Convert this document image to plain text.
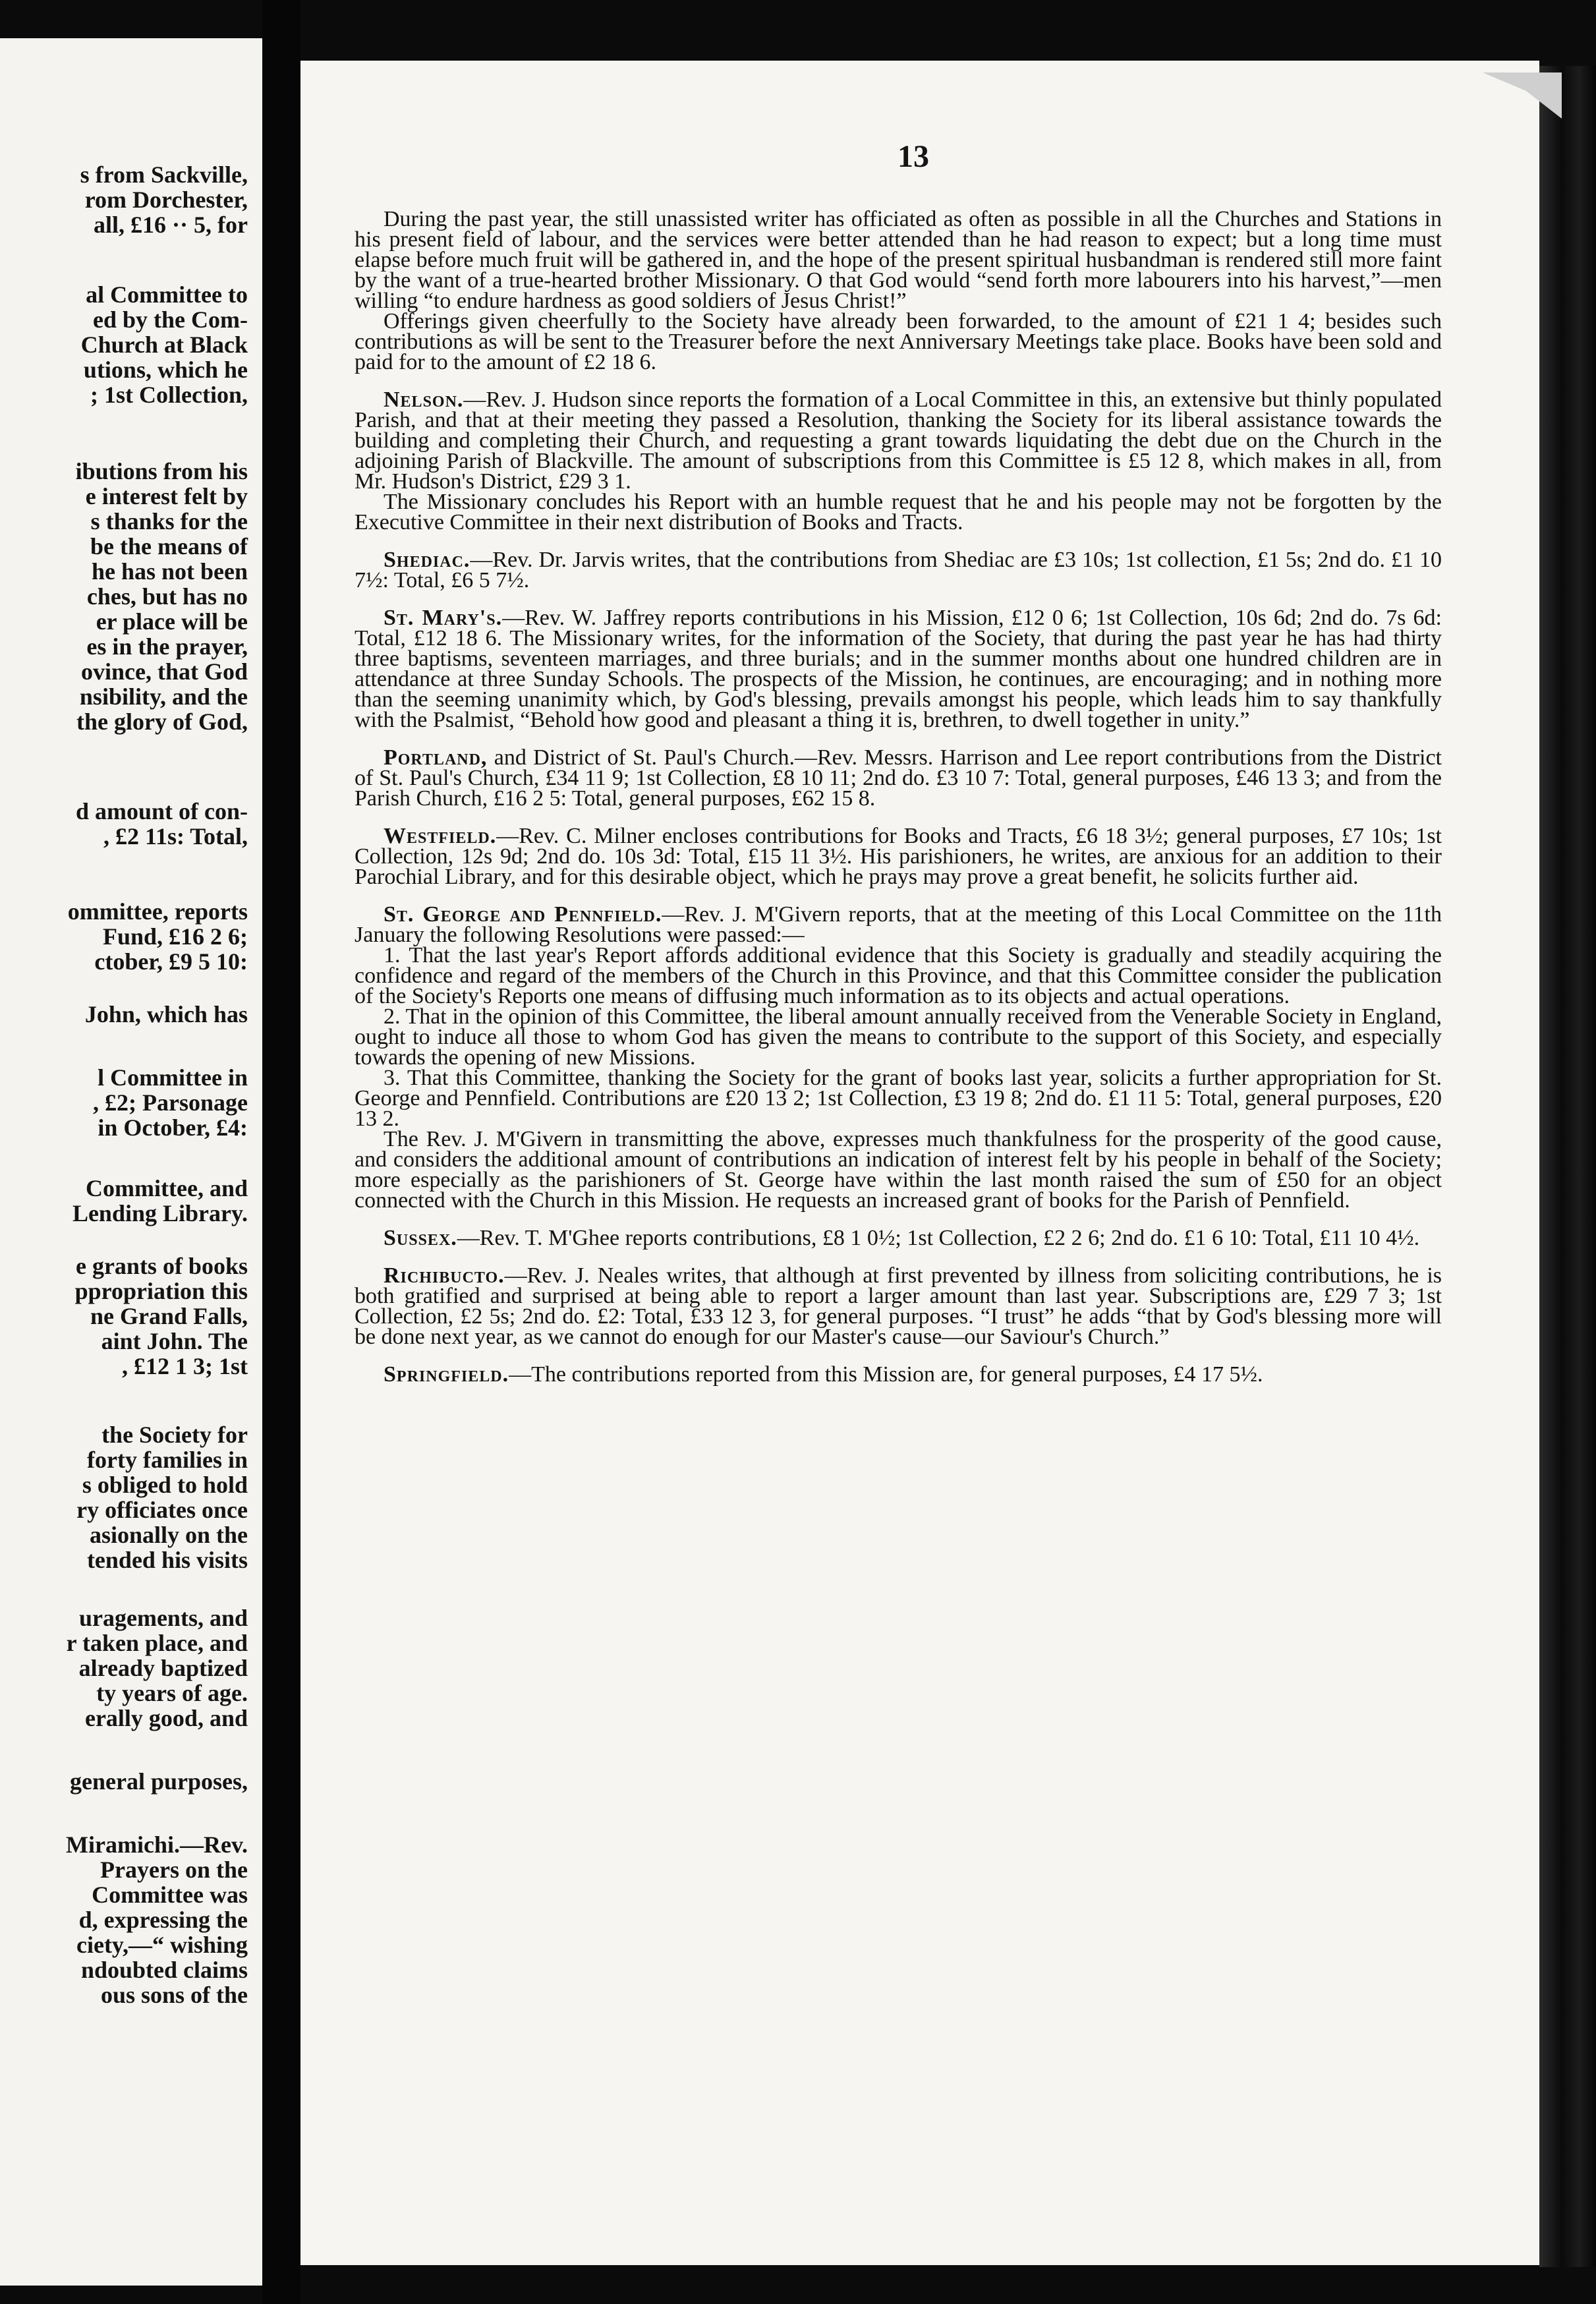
s from Sackville,
rom Dorchester,
all, £16 ·· 5, for
al Committee to
ed by the Com-
Church at Black
utions, which he
; 1st Collection,
ibutions from his
e interest felt by
s thanks for the
be the means of
he has not been
ches, but has no
er place will be
es in the prayer,
ovince, that God
nsibility, and the
the glory of God,
d amount of con-
, £2 11s: Total,
ommittee, reports
Fund, £16 2 6;
ctober, £9 5 10:
John, which has
l Committee in
, £2; Parsonage
in October, £4:
Committee, and
Lending Library.
e grants of books
ppropriation this
ne Grand Falls,
aint John. The
, £12 1 3; 1st
the Society for
forty families in
s obliged to hold
ry officiates once
asionally on the
tended his visits
uragements, and
r taken place, and
already baptized
ty years of age.
erally good, and
general purposes,
Miramichi.—Rev.
Prayers on the
Committee was
d, expressing the
ciety,—“ wishing
ndoubted claims
ous sons of the
13

During the past year, the still unassisted writer has officiated as often as possible in all the Churches and Stations in his present field of labour, and the services were better attended than he had reason to expect; but a long time must elapse before much fruit will be gathered in, and the hope of the present spiritual husbandman is rendered still more faint by the want of a true-hearted brother Missionary. O that God would “send forth more labourers into his harvest,”—men willing “to endure hardness as good soldiers of Jesus Christ!”

Offerings given cheerfully to the Society have already been forwarded, to the amount of £21 1 4; besides such contributions as will be sent to the Treasurer before the next Anniversary Meetings take place. Books have been sold and paid for to the amount of £2 18 6.

Nelson.—Rev. J. Hudson since reports the formation of a Local Committee in this, an extensive but thinly populated Parish, and that at their meeting they passed a Resolution, thanking the Society for its liberal assistance towards the building and completing their Church, and requesting a grant towards liquidating the debt due on the Church in the adjoining Parish of Blackville. The amount of subscriptions from this Committee is £5 12 8, which makes in all, from Mr. Hudson's District, £29 3 1.

The Missionary concludes his Report with an humble request that he and his people may not be forgotten by the Executive Committee in their next distribution of Books and Tracts.

Shediac.—Rev. Dr. Jarvis writes, that the contributions from Shediac are £3 10s; 1st collection, £1 5s; 2nd do. £1 10 7½: Total, £6 5 7½.

St. Mary's.—Rev. W. Jaffrey reports contributions in his Mission, £12 0 6; 1st Collection, 10s 6d; 2nd do. 7s 6d: Total, £12 18 6. The Missionary writes, for the information of the Society, that during the past year he has had thirty three baptisms, seventeen marriages, and three burials; and in the summer months about one hundred children are in attendance at three Sunday Schools. The prospects of the Mission, he continues, are encouraging; and in nothing more than the seeming unanimity which, by God's blessing, prevails amongst his people, which leads him to say thankfully with the Psalmist, “Behold how good and pleasant a thing it is, brethren, to dwell together in unity.”

Portland, and District of St. Paul's Church.—Rev. Messrs. Harrison and Lee report contributions from the District of St. Paul's Church, £34 11 9; 1st Collection, £8 10 11; 2nd do. £3 10 7: Total, general purposes, £46 13 3; and from the Parish Church, £16 2 5: Total, general purposes, £62 15 8.

Westfield.—Rev. C. Milner encloses contributions for Books and Tracts, £6 18 3½; general purposes, £7 10s; 1st Collection, 12s 9d; 2nd do. 10s 3d: Total, £15 11 3½. His parishioners, he writes, are anxious for an addition to their Parochial Library, and for this desirable object, which he prays may prove a great benefit, he solicits further aid.

St. George and Pennfield.—Rev. J. M'Givern reports, that at the meeting of this Local Committee on the 11th January the following Resolutions were passed:—

1. That the last year's Report affords additional evidence that this Society is gradually and steadily acquiring the confidence and regard of the members of the Church in this Province, and that this Committee consider the publication of the Society's Reports one means of diffusing much information as to its objects and actual operations.

2. That in the opinion of this Committee, the liberal amount annually received from the Venerable Society in England, ought to induce all those to whom God has given the means to contribute to the support of this Society, and especially towards the opening of new Missions.

3. That this Committee, thanking the Society for the grant of books last year, solicits a further appropriation for St. George and Pennfield. Contributions are £20 13 2; 1st Collection, £3 19 8; 2nd do. £1 11 5: Total, general purposes, £20 13 2.

The Rev. J. M'Givern in transmitting the above, expresses much thankfulness for the prosperity of the good cause, and considers the additional amount of contributions an indication of interest felt by his people in behalf of the Society; more especially as the parishioners of St. George have within the last month raised the sum of £50 for an object connected with the Church in this Mission. He requests an increased grant of books for the Parish of Pennfield.

Sussex.—Rev. T. M'Ghee reports contributions, £8 1 0½; 1st Collection, £2 2 6; 2nd do. £1 6 10: Total, £11 10 4½.

Richibucto.—Rev. J. Neales writes, that although at first prevented by illness from soliciting contributions, he is both gratified and surprised at being able to report a larger amount than last year. Subscriptions are, £29 7 3; 1st Collection, £2 5s; 2nd do. £2: Total, £33 12 3, for general purposes. “I trust” he adds “that by God's blessing more will be done next year, as we cannot do enough for our Master's cause—our Saviour's Church.”

Springfield.—The contributions reported from this Mission are, for general purposes, £4 17 5½.
